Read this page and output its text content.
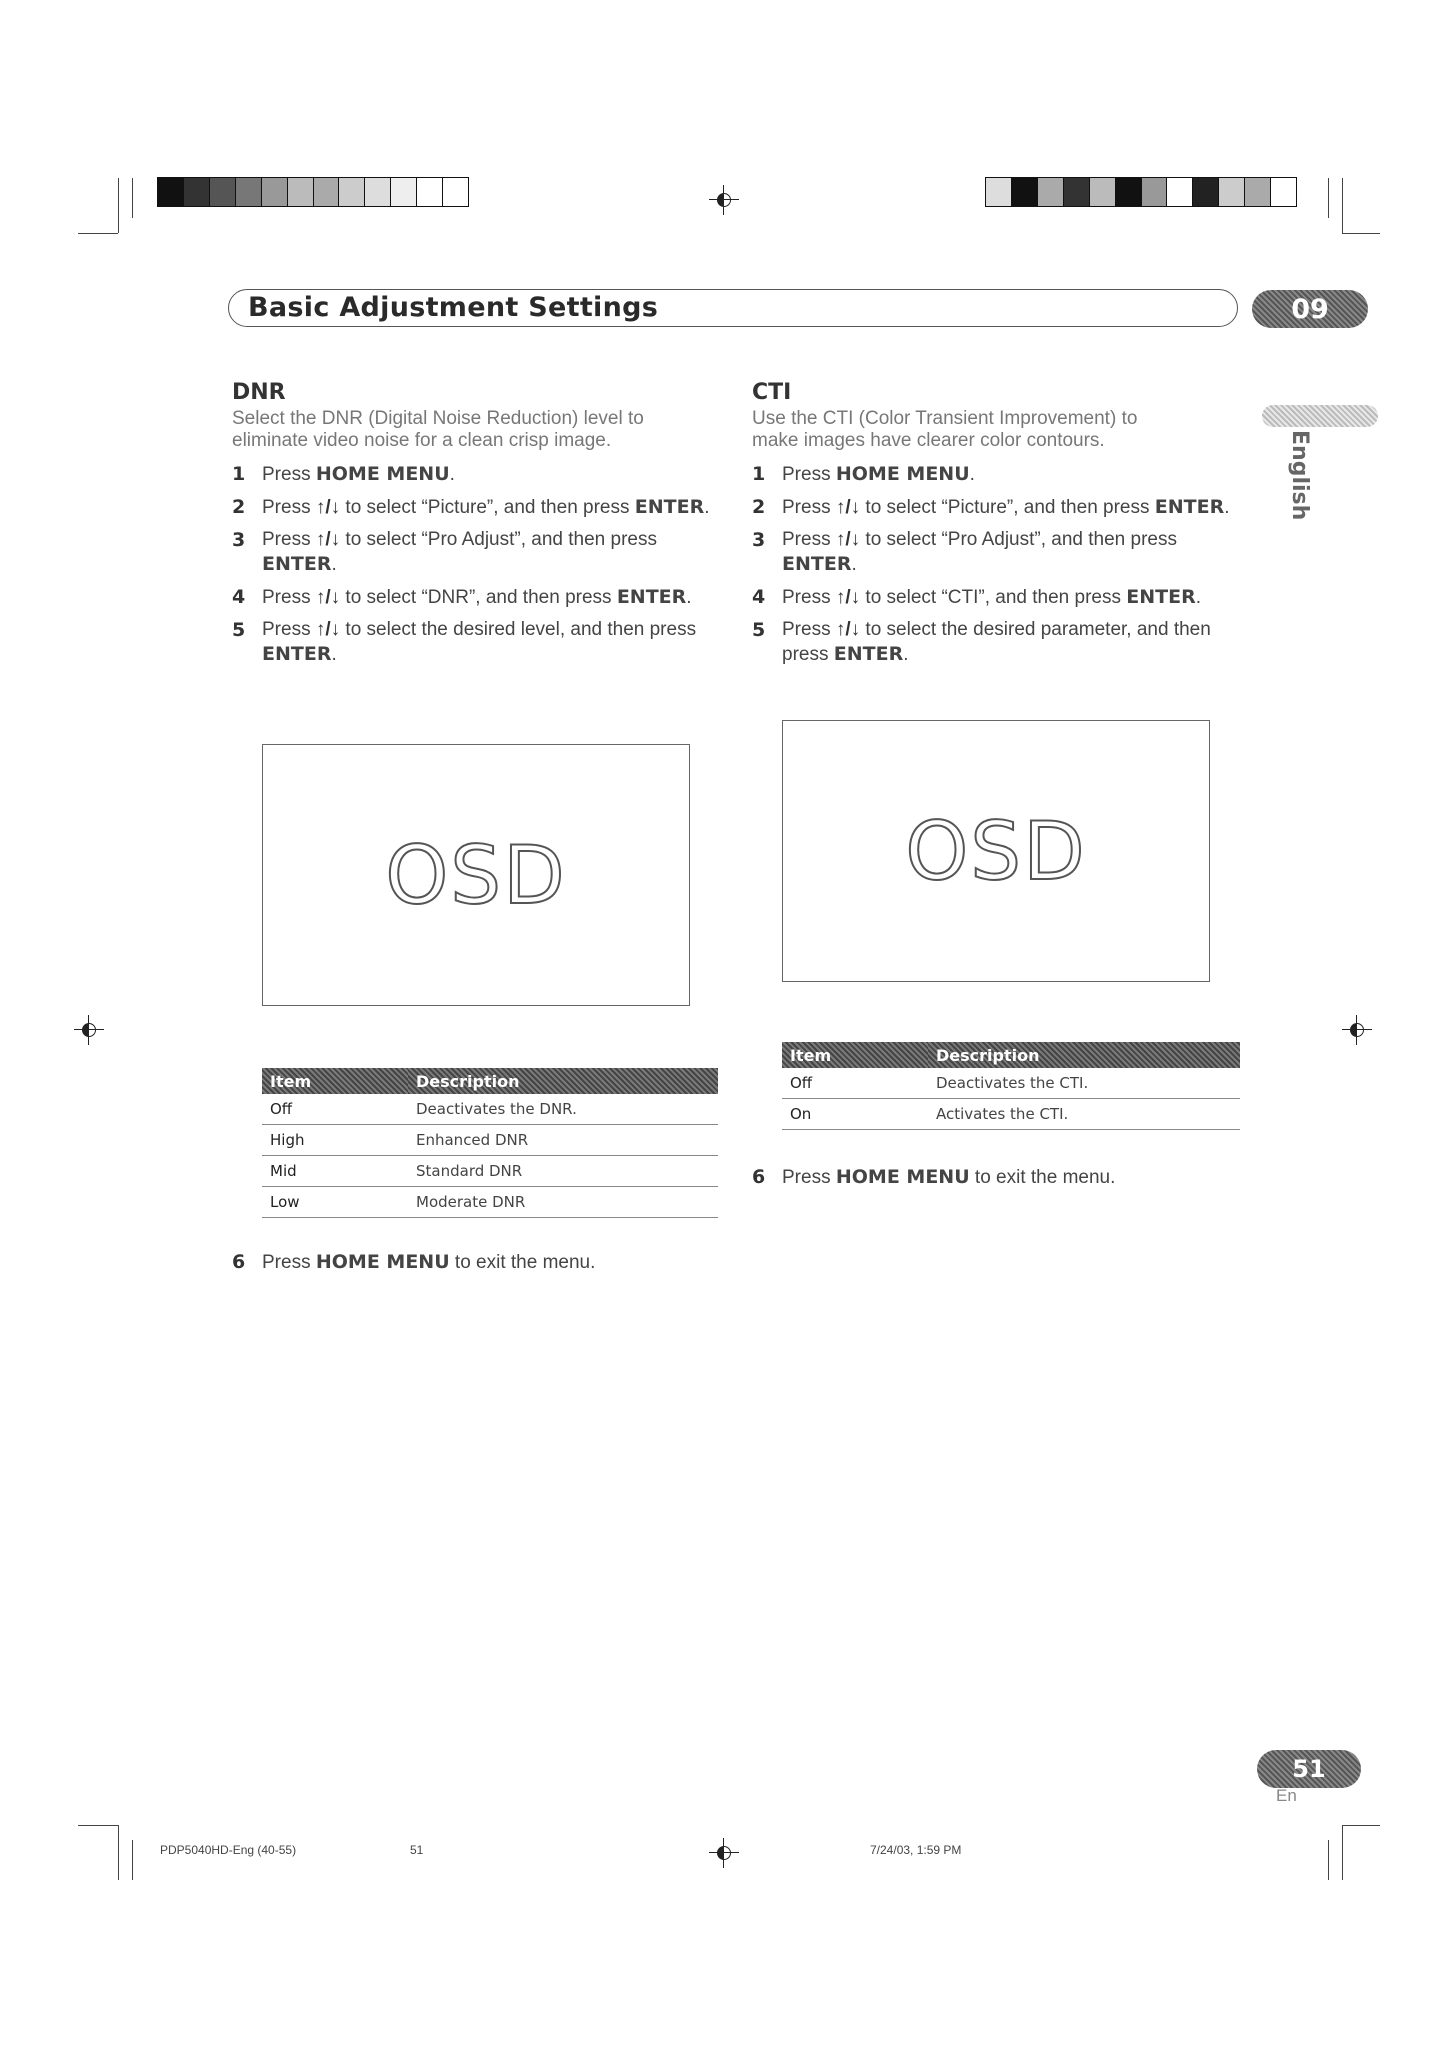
Basic Adjustment Settings	09
English
DNR
Select the DNR (Digital Noise Reduction) level to eliminate video noise for a clean crisp image.
1 Press HOME MENU.
2 Press ↑/↓ to select “Picture”, and then press ENTER.
3 Press ↑/↓ to select “Pro Adjust”, and then press ENTER.
4 Press ↑/↓ to select “DNR”, and then press ENTER.
5 Press ↑/↓ to select the desired level, and then press ENTER.
OSD
Item	Description
Off	Deactivates the DNR.
High	Enhanced DNR
Mid	Standard DNR
Low	Moderate DNR
6 Press HOME MENU to exit the menu.
CTI
Use the CTI (Color Transient Improvement) to make images have clearer color contours.
1 Press HOME MENU.
2 Press ↑/↓ to select “Picture”, and then press ENTER.
3 Press ↑/↓ to select “Pro Adjust”, and then press ENTER.
4 Press ↑/↓ to select “CTI”, and then press ENTER.
5 Press ↑/↓ to select the desired parameter, and then press ENTER.
OSD
Item	Description
Off	Deactivates the CTI.
On	Activates the CTI.
6 Press HOME MENU to exit the menu.
51
En
PDP5040HD-Eng (40-55)	51	7/24/03, 1:59 PM
